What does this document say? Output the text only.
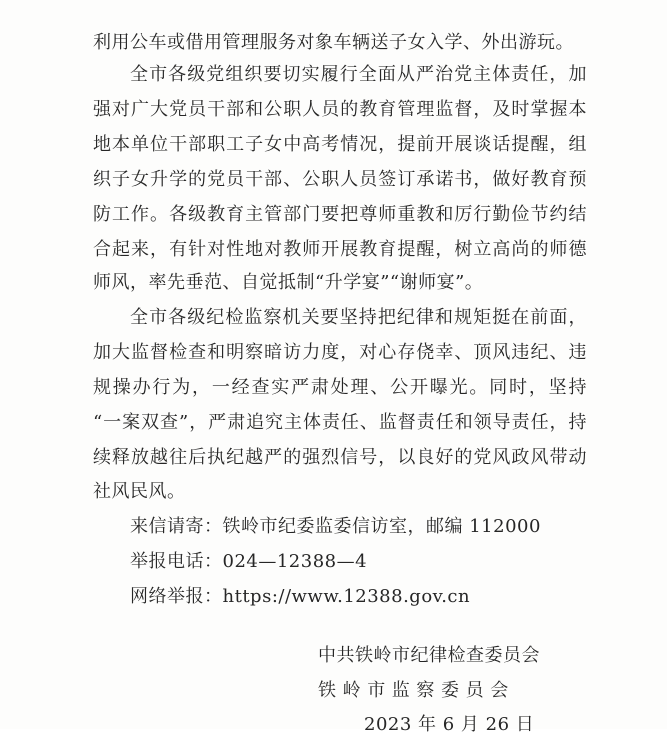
利用公车或借用管理服务对象车辆送子女入学、外出游玩。
全市各级党组织要切实履行全面从严治党主体责任，加
强对广大党员干部和公职人员的教育管理监督，及时掌握本
地本单位干部职工子女中高考情况，提前开展谈话提醒，组
织子女升学的党员干部、公职人员签订承诺书，做好教育预
防工作。各级教育主管部门要把尊师重教和厉行勤俭节约结
合起来，有针对性地对教师开展教育提醒，树立高尚的师德
师风，率先垂范、自觉抵制“升学宴”“谢师宴”。
全市各级纪检监察机关要坚持把纪律和规矩挺在前面，
加大监督检查和明察暗访力度，对心存侥幸、顶风违纪、违
规操办行为，一经查实严肃处理、公开曝光。同时，坚持
“一案双查”，严肃追究主体责任、监督责任和领导责任，持
续释放越往后执纪越严的强烈信号，以良好的党风政风带动
社风民风。
来信请寄：铁岭市纪委监委信访室，邮编 112000
举报电话：024—12388—4
网络举报：https://www.12388.gov.cn
中共铁岭市纪律检查委员会
铁岭市监察委员会
2023 年 6 月 26 日
